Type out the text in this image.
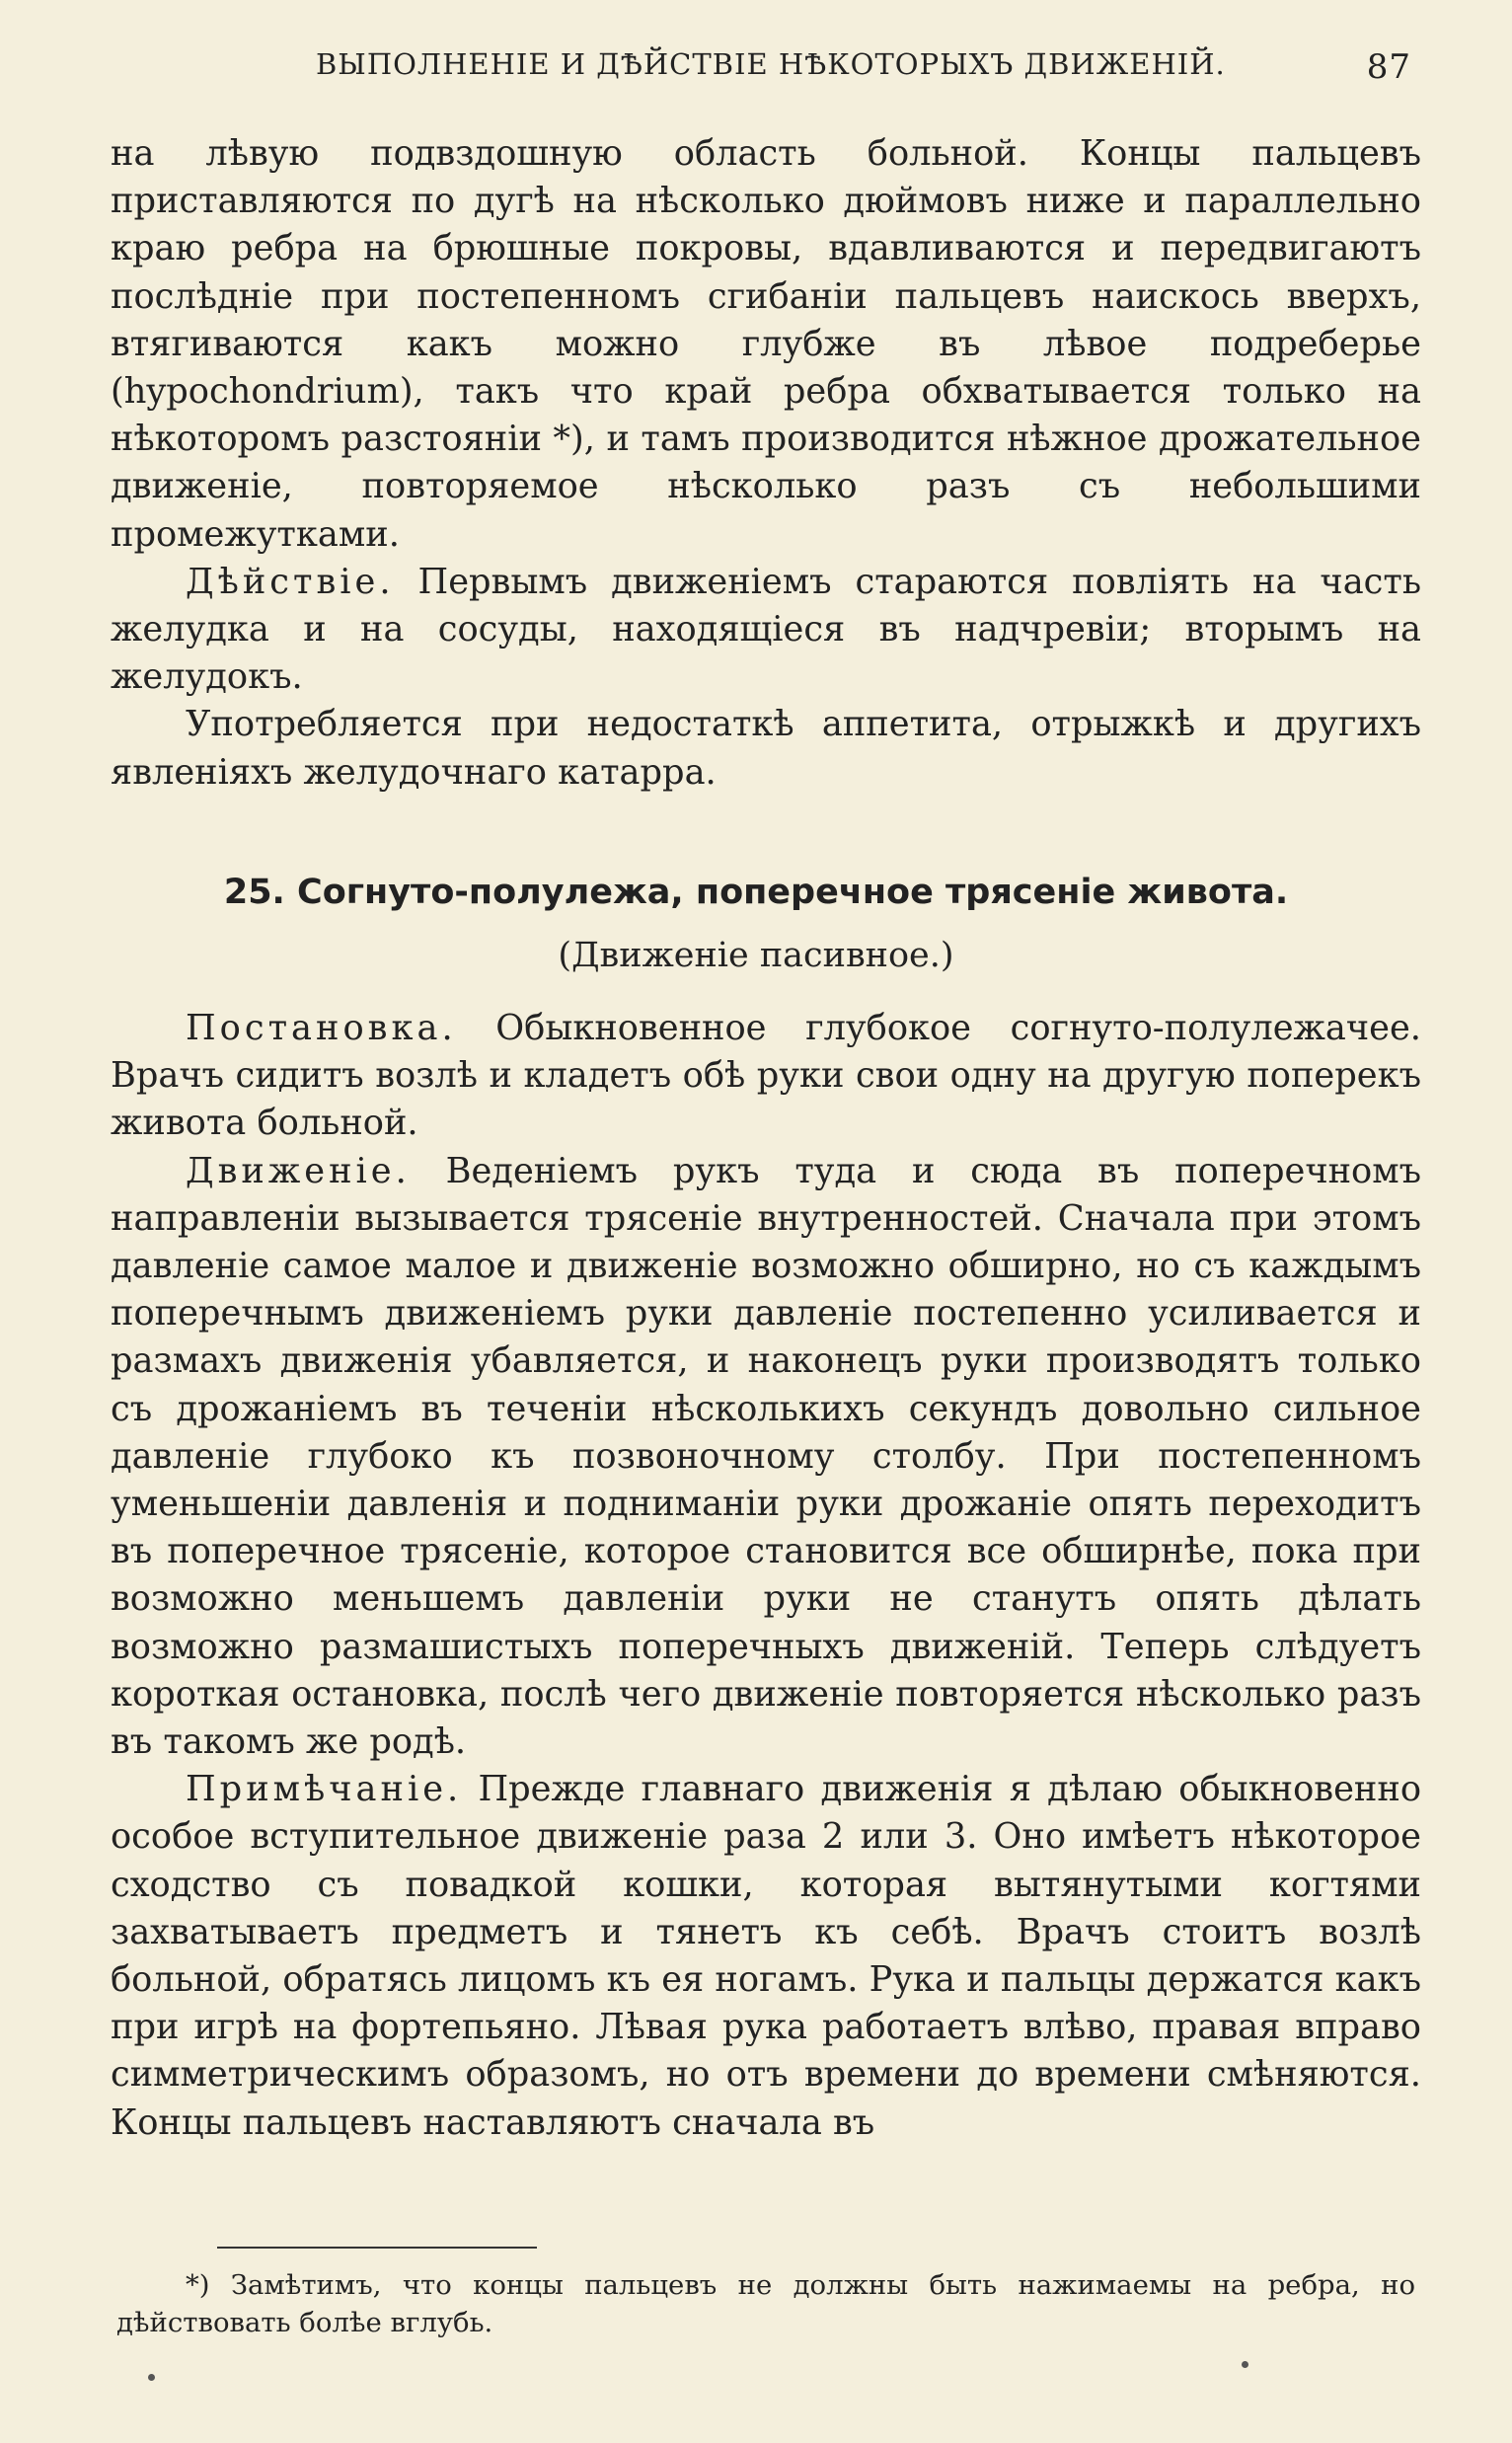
ВЫПОЛНЕНІЕ И ДѢЙСТВІЕ НѢКОТОРЫХЪ ДВИЖЕНІЙ.	87

на лѣвую подвздошную область больной. Концы пальцевъ приставляются по дугѣ на нѣсколько дюймовъ ниже и параллельно краю ребра на брюшные покровы, вдавливаются и передвигаютъ послѣдніе при постепенномъ сгибаніи пальцевъ наискось вверхъ, втягиваются какъ можно глубже въ лѣвое подреберье (hypochondrium), такъ что край ребра обхватывается только на нѣкоторомъ разстояніи *), и тамъ производится нѣжное дрожательное движеніе, повторяемое нѣсколько разъ съ небольшими промежутками.

Дѣйствіе. Первымъ движеніемъ стараются повліять на часть желудка и на сосуды, находящіеся въ надчревіи; вторымъ на желудокъ.

Употребляется при недостаткѣ аппетита, отрыжкѣ и другихъ явленіяхъ желудочнаго катарра.

25. Согнуто-полулежа, поперечное трясеніе живота.
(Движеніе пасивное.)

Постановка. Обыкновенное глубокое согнуто-полулежачее. Врачъ сидитъ возлѣ и кладетъ обѣ руки свои одну на другую поперекъ живота больной.

Движеніе. Веденіемъ рукъ туда и сюда въ поперечномъ направленіи вызывается трясеніе внутренностей. Сначала при этомъ давленіе самое малое и движеніе возможно обширно, но съ каждымъ поперечнымъ движеніемъ руки давленіе постепенно усиливается и размахъ движенія убавляется, и наконецъ руки производятъ только съ дрожаніемъ въ теченіи нѣсколькихъ секундъ довольно сильное давленіе глубоко къ позвоночному столбу. При постепенномъ уменьшеніи давленія и подниманіи руки дрожаніе опять переходитъ въ поперечное трясеніе, которое становится все обширнѣе, пока при возможно меньшемъ давленіи руки не станутъ опять дѣлать возможно размашистыхъ поперечныхъ движеній. Теперь слѣдуетъ короткая остановка, послѣ чего движеніе повторяется нѣсколько разъ въ такомъ же родѣ.

Примѣчаніе. Прежде главнаго движенія я дѣлаю обыкновенно особое вступительное движеніе раза 2 или 3. Оно имѣетъ нѣкоторое сходство съ повадкой кошки, которая вытянутыми когтями захватываетъ предметъ и тянетъ къ себѣ. Врачъ стоитъ возлѣ больной, обратясь лицомъ къ ея ногамъ. Рука и пальцы держатся какъ при игрѣ на фортепьяно. Лѣвая рука работаетъ влѣво, правая вправо симметрическимъ образомъ, но отъ времени до времени смѣняются. Концы пальцевъ наставляютъ сначала въ

*) Замѣтимъ, что концы пальцевъ не должны быть нажимаемы на ребра, но дѣйствовать болѣе вглубь.
